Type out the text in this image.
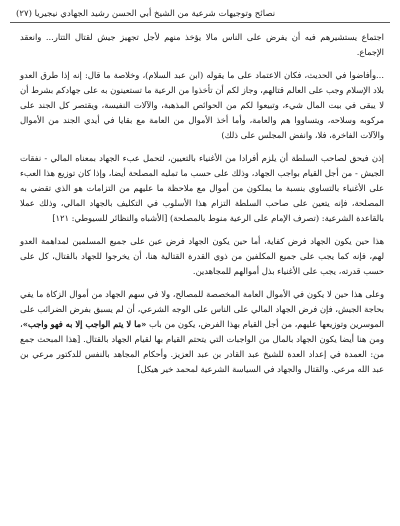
نصائح وتوجيهات شرعية من الشيخ أبي الحسن رشيد الجهادي نيجيريا (٢٧)

اجتماع يستشيرهم فيه أن يفرض على الناس مالا يؤخذ منهم لأجل تجهيز جيش لقتال التتار... وانعقد الإجماع.

...وأفاضوا في الحديث، فكان الاعتماد على ما يقوله (ابن عبد السلام)، وخلاصة ما قال: إنه إذا طرق العدو بلاد الإسلام وجب على العالم قتالهم، وجاز لكم أن تأخذوا من الرعية ما تستعينون به على جهادكم بشرط أن لا يبقى في بيت المال شيء، وتبيعوا لكم من الحوائص المذهبة، والآلات النفيسة، ويقتصر كل الجند على مركوبه وسلاحه، ويتساووا هم والعامة، وأما أخذ الأموال من العامة مع بقايا في أيدي الجند من الأموال والآلات الفاخرة، فلا، وانفض المجلس على ذلك)

إذن فيحق لصاحب السلطة أن يلزم أفرادا من الأغنياء بالتعيين، لتحمل عبء الجهاد بمعناه المالي - نفقات الجيش - من أجل القيام بواجب الجهاد، وذلك على حسب ما تمليه المصلحة أيضا، وإذا كان توزيع هذا العبء على الأغنياء بالتساوي بنسبة ما يملكون من أموال مع ملاحظة ما عليهم من التزامات هو الذي تقضي به المصلحة، فإنه يتعين على صاحب السلطة التزام هذا الأسلوب في التكليف بالجهاد المالي، وذلك عملا بالقاعدة الشرعية: (تصرف الإمام على الرعية منوط بالمصلحة) [الأشباه والنظائر للسيوطي: ١٢١]

هذا حين يكون الجهاد فرض كفاية، أما حين يكون الجهاد فرض عين على جميع المسلمين لمداهمة العدو لهم، فإنه كما يجب على جميع المكلفين من ذوي القدرة القتالية هنا، أن يخرجوا للجهاد بالقتال، كل على حسب قدرته، يجب على الأغنياء بذل أموالهم للمجاهدين.

وعلى هذا حين لا يكون في الأموال العامة المخصصة للمصالح، ولا في سهم الجهاد من أموال الزكاة ما يفي بحاجة الجيش، فإن فرض الجهاد المالي على الناس على الوجه الشرعي، أن لم يسبق بفرض الضرائب على الموسرين وتوزيعها عليهم، من أجل القيام بهذا الفرض، يكون من باب «ما لا يتم الواجب إلا به فهو واجب»، ومن هنا أيضا يكون الجهاد بالمال من الواجبات التي يتحتم القيام بها لقيام الجهاد بالقتال. [هذا المبحث جمع من: العمدة في إعداد العدة للشيخ عبد القادر بن عبد العزيز. وأحكام المجاهد بالنفس للدكتور مرعي بن عبد الله مرعي. والقتال والجهاد في السياسة الشرعية لمحمد خير هيكل]
